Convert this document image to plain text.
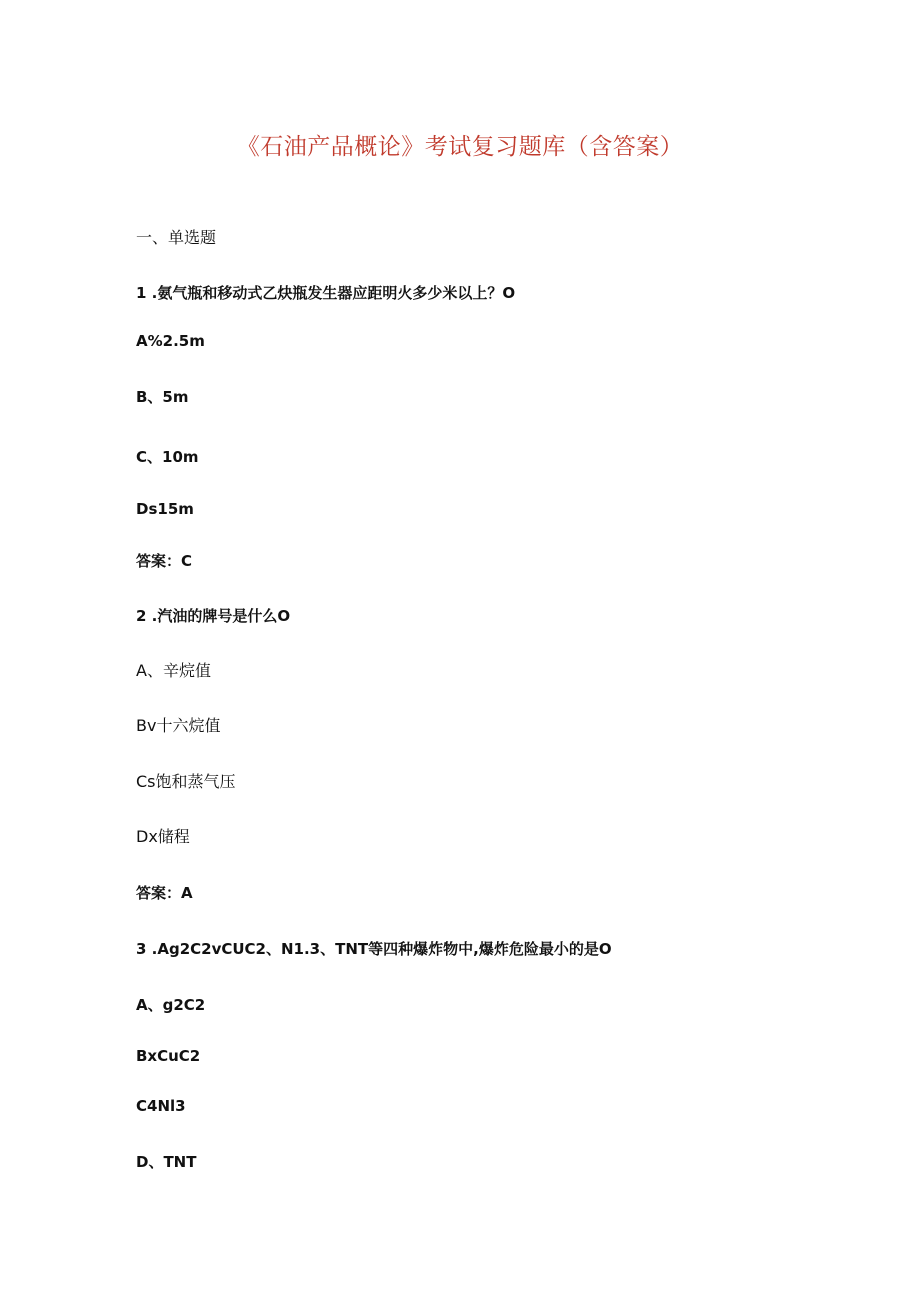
《石油产品概论》考试复习题库（含答案）
一、单选题
1 .氨气瓶和移动式乙炔瓶发生器应距明火多少米以上？O
A%2.5m
B、5m
C、10m
Ds15m
答案：C
2 .汽油的牌号是什么O
A、辛烷值
Bv十六烷值
Cs饱和蒸气压
Dx储程
答案：A
3 .Ag2C2vCUC2、N1.3、TNT等四种爆炸物中,爆炸危险最小的是O
A、g2C2
BxCuC2
C4Nl3
D、TNT
